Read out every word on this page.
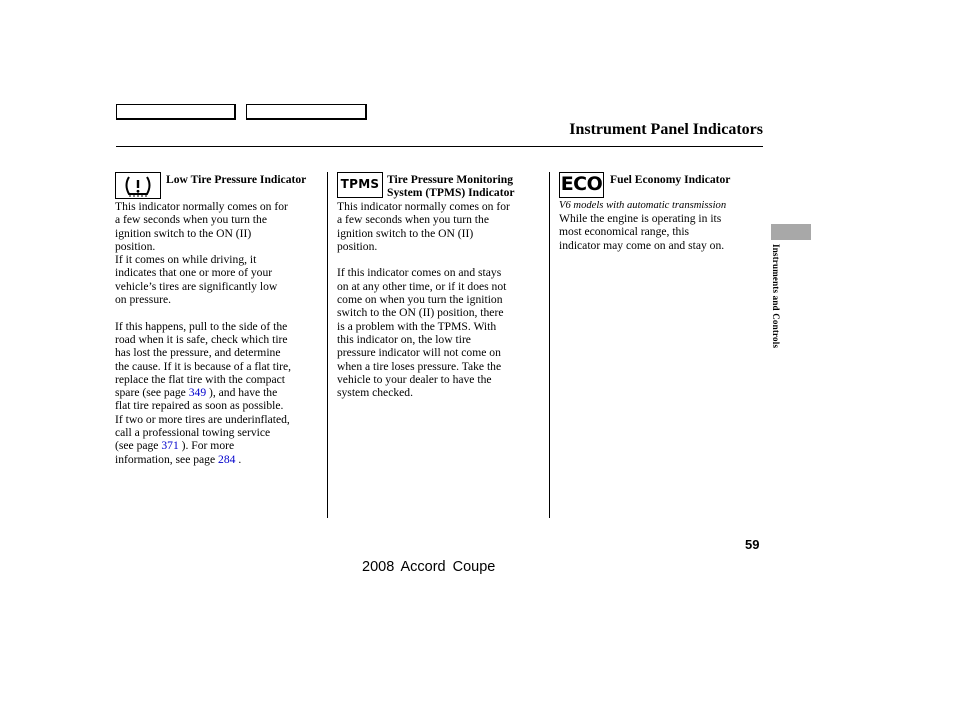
Instrument Panel Indicators
Low Tire Pressure Indicator

This indicator normally comes on for

a few seconds when you turn the

ignition switch to the ON (II)

position.

If it comes on while driving, it

indicates that one or more of your

vehicle’s tires are significantly low

on pressure.

If this happens, pull to the side of the

road when it is safe, check which tire

has lost the pressure, and determine

the cause. If it is because of a flat tire,

replace the flat tire with the compact

spare (see page 349 ), and have the

flat tire repaired as soon as possible.

If two or more tires are underinflated,

call a professional towing service

(see page 371 ). For more

information, see page 284 .

TPMS Tire Pressure Monitoring System (TPMS) Indicator

This indicator normally comes on for

a few seconds when you turn the

ignition switch to the ON (II)

position.

If this indicator comes on and stays

on at any other time, or if it does not

come on when you turn the ignition

switch to the ON (II) position, there

is a problem with the TPMS. With

this indicator on, the low tire

pressure indicator will not come on

when a tire loses pressure. Take the

vehicle to your dealer to have the

system checked.

ECO Fuel Economy Indicator
V6 models with automatic transmission

While the engine is operating in its

most economical range, this

indicator may come on and stay on.	Instruments and Controls
59
2008 Accord Coupe
